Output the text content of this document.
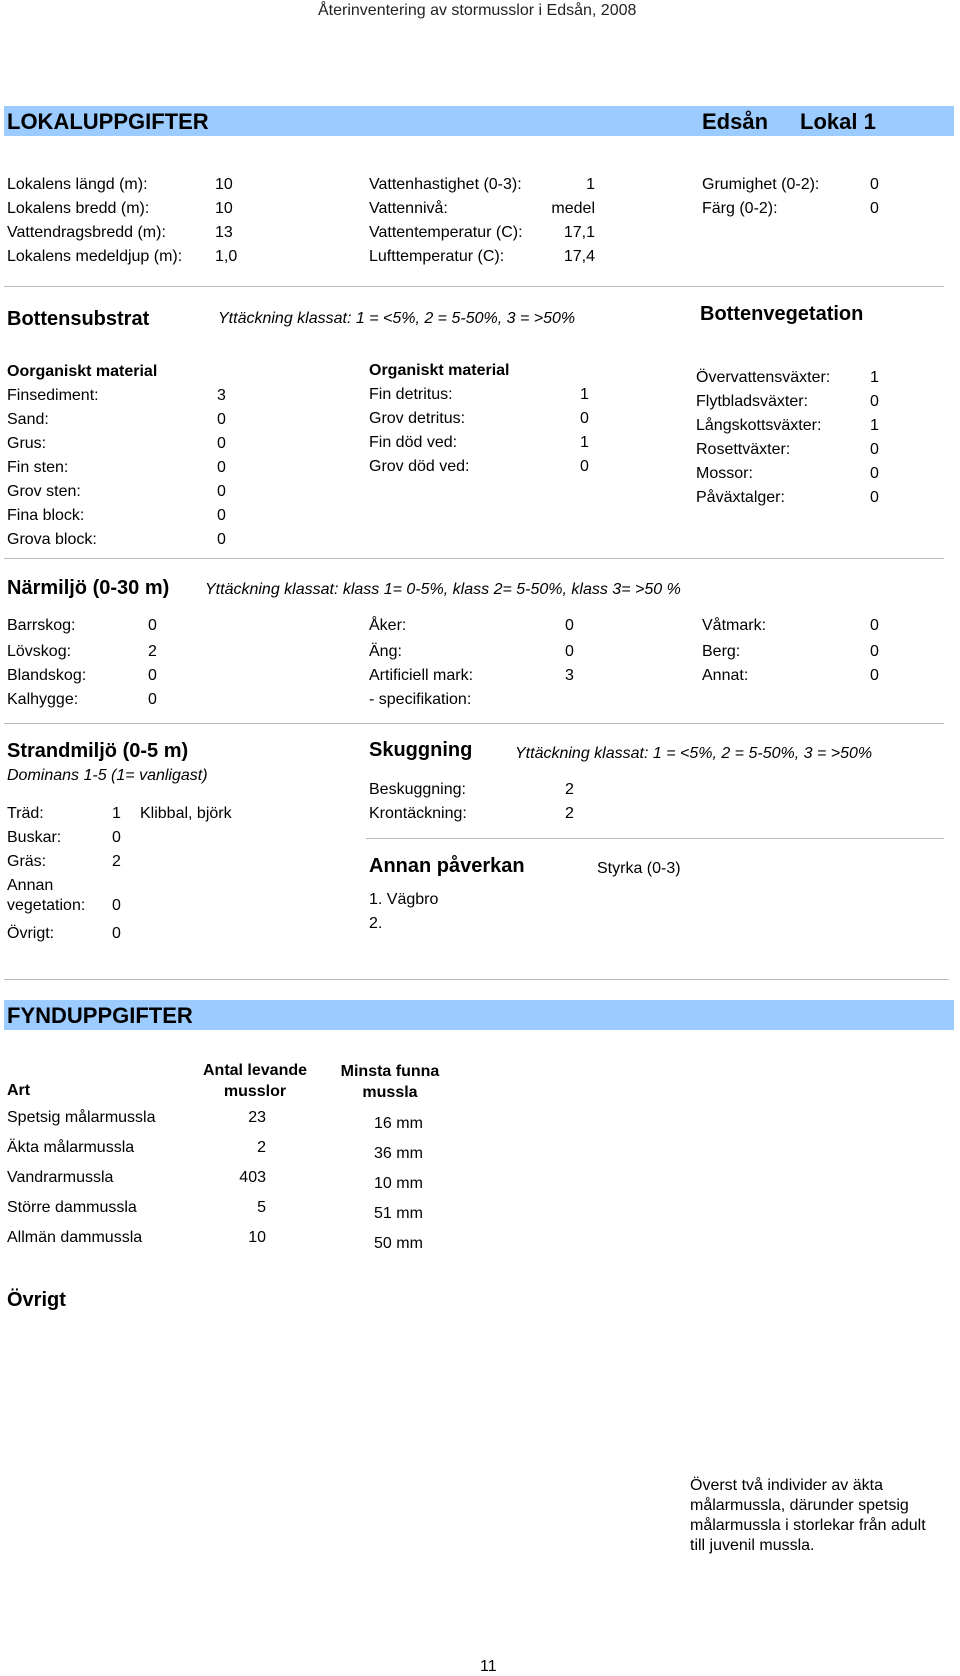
Återinventering av stormusslor i Edsån, 2008
LOKALUPPGIFTER	Edsån Lokal 1
Lokalens längd (m):	10
Lokalens bredd (m):	10
Vattendragsbredd (m):	13
Lokalens medeldjup (m): 1,0
Vattenhastighet (0-3):	1
Vattennivå:	medel
Vattentemperatur (C):	17,1
Lufttemperatur (C):	17,4
Grumighet (0-2):	0
Färg (0-2):	0
Bottensubstrat	Yttäckning klassat: 1 = <5%, 2 = 5-50%, 3 = >50%	Bottenvegetation
Oorganiskt material
Finsediment:	3
Sand:	0
Grus:	0
Fin sten:	0
Grov sten:	0
Fina block:	0
Grova block:	0
Organiskt material
Fin detritus:	1
Grov detritus:	0
Fin död ved:	1
Grov död ved:	0
Övervattensväxter: 1
Flytbladsväxter:	0
Långskottsväxter:	1
Rosettväxter:	0
Mossor:	0
Påväxtalger:	0
Närmiljö (0-30 m) Yttäckning klassat: klass 1= 0-5%, klass 2= 5-50%, klass 3= >50 %
Barrskog:	0
Lövskog:	2
Blandskog:	0
Kalhygge:	0
Åker:	0
Äng:	0
Artificiell mark:	3
- specifikation:
Våtmark:	0
Berg:	0
Annat:	0
Strandmiljö (0-5 m)
Dominans 1-5 (1= vanligast)
Träd:	1 Klibbal, björk
Buskar:	0
Gräs:	2
Annan
vegetation: 0
Övrigt:	0
Skuggning	Yttäckning klassat: 1 = <5%, 2 = 5-50%, 3 = >50%
Beskuggning:	2
Krontäckning:	2
Annan påverkan	Styrka (0-3)
1. Vägbro
2.
FYNDUPPGIFTER
Art
Antal levande musslor
Minsta funna mussla
Spetsig målarmussla	23	16 mm
Äkta målarmussla	2	36 mm
Vandrarmussla	403	10 mm
Större dammussla	5	51 mm
Allmän dammussla	10	50 mm
Övrigt
Överst två individer av äkta målarmussla, därunder spetsig målarmussla i storlekar från adult till juvenil mussla.
11
